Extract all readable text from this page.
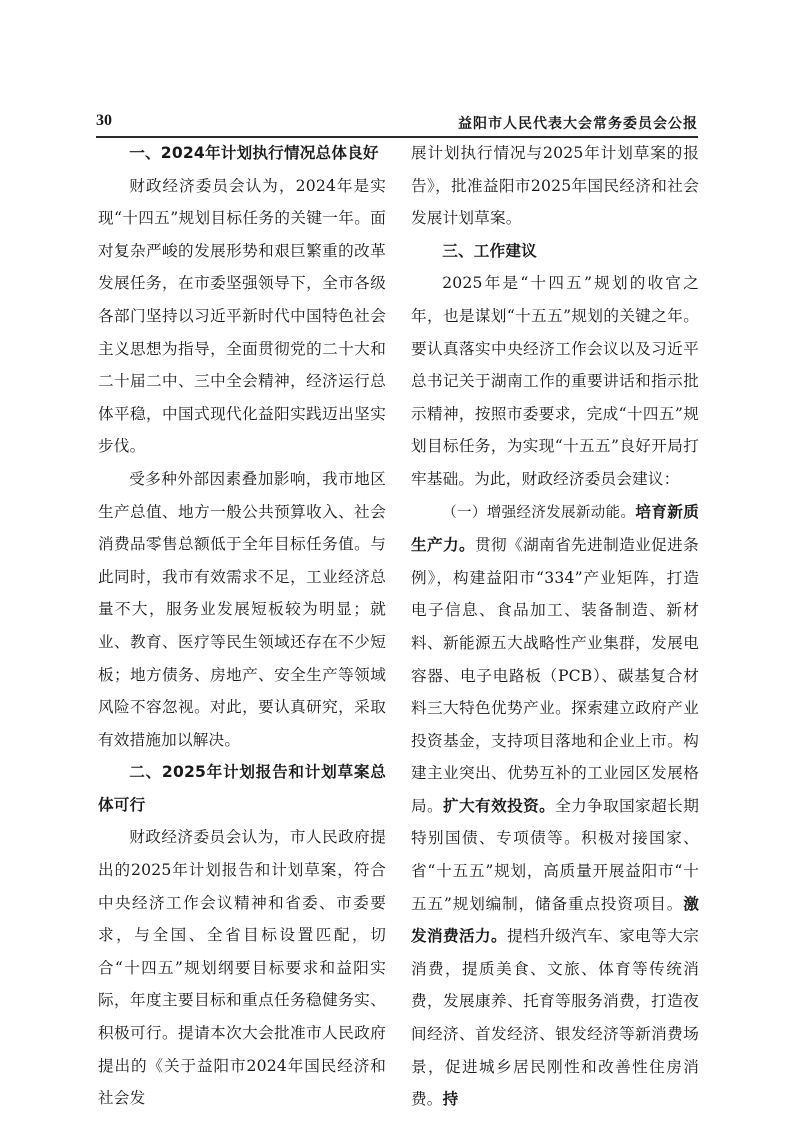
30	益阳市人民代表大会常务委员会公报

一、2024年计划执行情况总体良好

财政经济委员会认为，2024年是实现“十四五”规划目标任务的关键一年。面对复杂严峻的发展形势和艰巨繁重的改革发展任务，在市委坚强领导下，全市各级各部门坚持以习近平新时代中国特色社会主义思想为指导，全面贯彻党的二十大和二十届二中、三中全会精神，经济运行总体平稳，中国式现代化益阳实践迈出坚实步伐。

受多种外部因素叠加影响，我市地区生产总值、地方一般公共预算收入、社会消费品零售总额低于全年目标任务值。与此同时，我市有效需求不足，工业经济总量不大，服务业发展短板较为明显；就业、教育、医疗等民生领域还存在不少短板；地方债务、房地产、安全生产等领域风险不容忽视。对此，要认真研究，采取有效措施加以解决。

二、2025年计划报告和计划草案总体可行

财政经济委员会认为，市人民政府提出的2025年计划报告和计划草案，符合中央经济工作会议精神和省委、市委要求，与全国、全省目标设置匹配，切合“十四五”规划纲要目标要求和益阳实际，年度主要目标和重点任务稳健务实、积极可行。提请本次大会批准市人民政府提出的《关于益阳市2024年国民经济和社会发

展计划执行情况与2025年计划草案的报告》，批准益阳市2025年国民经济和社会发展计划草案。

三、工作建议

2025年是“十四五”规划的收官之年，也是谋划“十五五”规划的关键之年。要认真落实中央经济工作会议以及习近平总书记关于湖南工作的重要讲话和指示批示精神，按照市委要求，完成“十四五”规划目标任务，为实现“十五五”良好开局打牢基础。为此，财政经济委员会建议：

（一）增强经济发展新动能。培育新质生产力。贯彻《湖南省先进制造业促进条例》，构建益阳市“334”产业矩阵，打造电子信息、食品加工、装备制造、新材料、新能源五大战略性产业集群，发展电容器、电子电路板（PCB）、碳基复合材料三大特色优势产业。探索建立政府产业投资基金，支持项目落地和企业上市。构建主业突出、优势互补的工业园区发展格局。扩大有效投资。全力争取国家超长期特别国债、专项债等。积极对接国家、省“十五五”规划，高质量开展益阳市“十五五”规划编制，储备重点投资项目。激发消费活力。提档升级汽车、家电等大宗消费，提质美食、文旅、体育等传统消费，发展康养、托育等服务消费，打造夜间经济、首发经济、银发经济等新消费场景，促进城乡居民刚性和改善性住房消费。持
